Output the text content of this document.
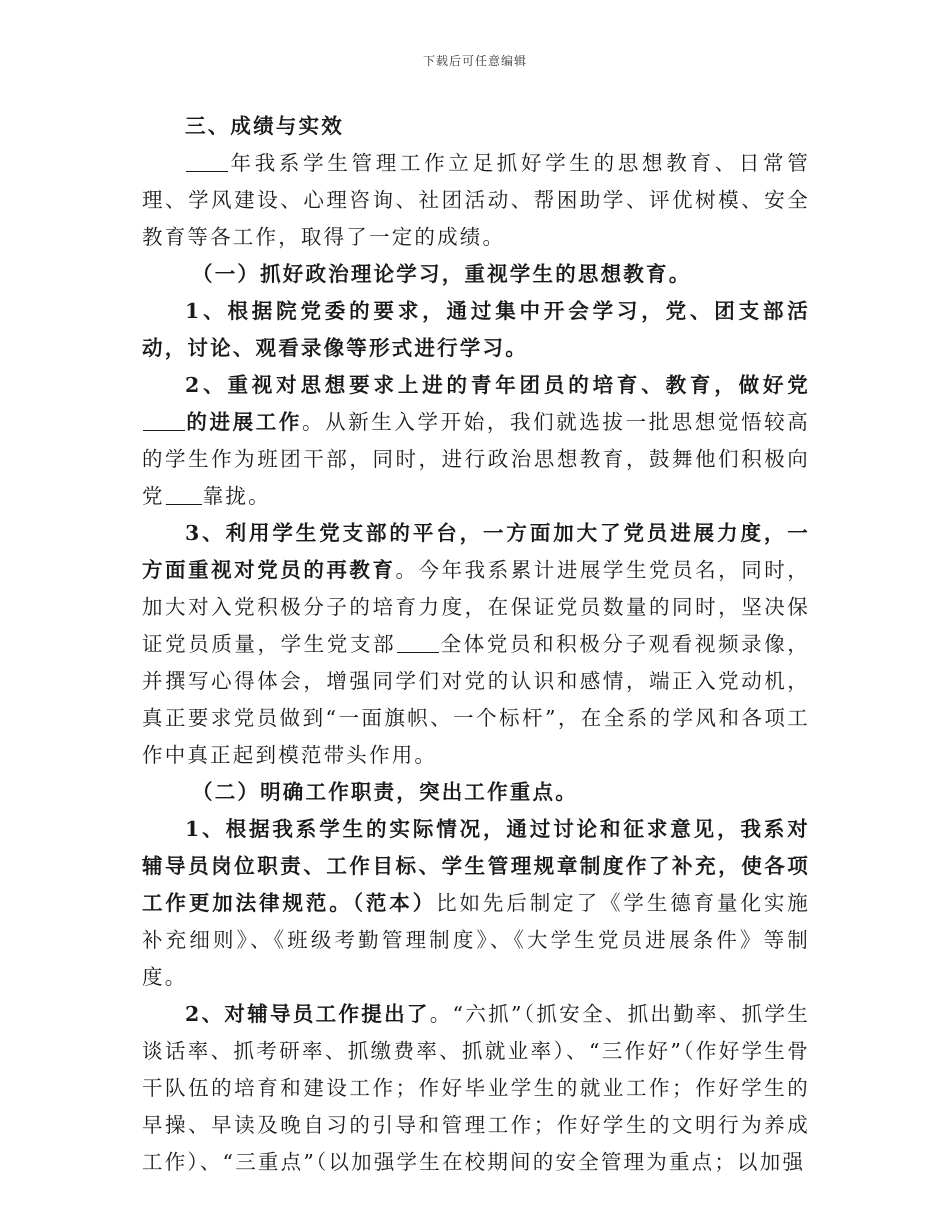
下载后可任意编辑

三、成绩与实效

年我系学生管理工作立足抓好学生的思想教育、日常管理、学风建设、心理咨询、社团活动、帮困助学、评优树模、安全教育等各工作，取得了一定的成绩。

（一）抓好政治理论学习，重视学生的思想教育。

1、根据院党委的要求，通过集中开会学习，党、团支部活动，讨论、观看录像等形式进行学习。

2、重视对思想要求上进的青年团员的培育、教育，做好党的进展工作。从新生入学开始，我们就选拔一批思想觉悟较高的学生作为班团干部，同时，进行政治思想教育，鼓舞他们积极向党 靠拢。

3、利用学生党支部的平台，一方面加大了党员进展力度，一方面重视对党员的再教育。今年我系累计进展学生党员名，同时，加大对入党积极分子的培育力度，在保证党员数量的同时，坚决保证党员质量，学生党支部 全体党员和积极分子观看视频录像，并撰写心得体会，增强同学们对党的认识和感情，端正入党动机，真正要求党员做到“一面旗帜、一个标杆”，在全系的学风和各项工作中真正起到模范带头作用。

（二）明确工作职责，突出工作重点。

1、根据我系学生的实际情况，通过讨论和征求意见，我系对辅导员岗位职责、工作目标、学生管理规章制度作了补充，使各项工作更加法律规范。（范本）比如先后制定了《学生德育量化实施补充细则》、《班级考勤管理制度》、《大学生党员进展条件》等制度。

2、对辅导员工作提出了。“六抓”（抓安全、抓出勤率、抓学生谈话率、抓考研率、抓缴费率、抓就业率）、“三作好”（作好学生骨干队伍的培育和建设工作；作好毕业学生的就业工作；作好学生的早操、早读及晚自习的引导和管理工作；作好学生的文明行为养成工作）、“三重点”（以加强学生在校期间的安全管理为重点；以加强
